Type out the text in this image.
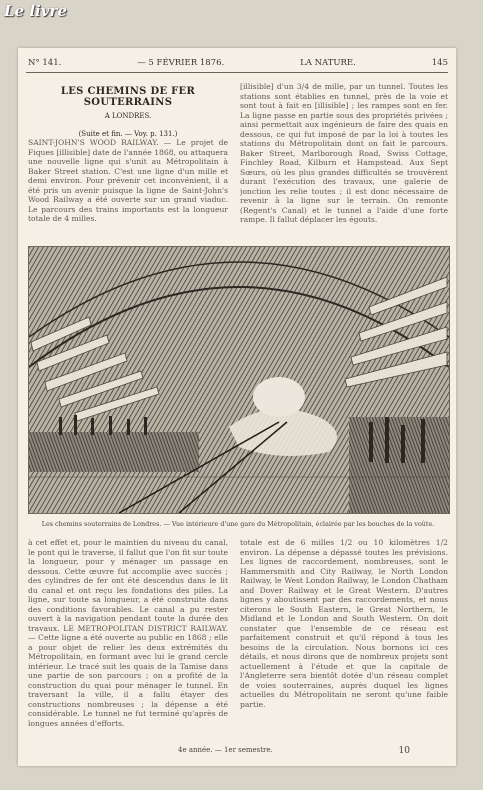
Le livre
N° 141.	— 5 FÉVRIER 1876.	LA NATURE.	145
LES CHEMINS DE FER SOUTERRAINS
A LONDRES.
(Suite et fin. — Voy. p. 131.)

SAINT-JOHN'S WOOD RAILWAY. — Le projet de Fiques [illisible] date de l'année 1868, ou attaquera une nouvelle ligne qui s'unit au Métropolitain à Baker Street station. C'est une ligne d'un mille et demi environ. Pour prévenir cet inconvénient, il a été pris un avenir puisque la ligne de Saint-John's Wood Railway a été ouverte sur un grand viaduc. Le parcours des trains importants est la longueur totale de 4 milles.

[illisible] d'un 3/4 de mille, par un tunnel. Toutes les stations sont établies en tunnel, près de la voie et sont tout à fait en [illisible] ; les rampes sont en fer. La ligne passe en partie sous des propriétés privées ; ainsi permettait aux ingénieurs de faire des quais en dessous, ce qui fut imposé de par la loi à toutes les stations du Métropolitain dont on fait le parcours. Baker Street, Marlborough Road, Swiss Cottage, Finchley Road, Kilburn et Hampstead. Aux Sept Sœurs, où les plus grandes difficultés se trouvèrent durant l'exécution des travaux, une galerie de jonction les relie toutes ; il est donc nécessaire de revenir à la ligne sur le terrain. On remonte (Regent's Canal) et le tunnel a l'aide d'une forte rampe. Il fallut déplacer les égouts.

Les chemins souterrains de Londres. — Vue intérieure d'une gare du Métropolitain, éclairée par les bouches de la voûte.

à cet effet et, pour le maintien du niveau du canal, le pont qui le traverse, il fallut que l'on fit sur toute la longueur, pour y ménager un passage en dessous. Cette œuvre fut accomplie avec succès ; des cylindres de fer ont été descendus dans le lit du canal et ont reçu les fondations des piles. La ligne, sur toute sa longueur, a été construite dans des conditions favorables. Le canal a pu rester ouvert à la navigation pendant toute la durée des travaux. LE METROPOLITAN DISTRICT RAILWAY. — Cette ligne a été ouverte au public en 1868 ; elle a pour objet de relier les deux extrémités du Métropolitain, en formant avec lui le grand cercle intérieur. Le tracé suit les quais de la Tamise dans une partie de son parcours ; on a profité de la construction du quai pour ménager le tunnel. En traversant la ville, il a fallu étayer des constructions nombreuses ; la dépense a été considérable. Le tunnel ne fut terminé qu'après de longues années d'efforts.

totale est de 6 milles 1/2 ou 10 kilomètres 1/2 environ. La dépense a dépassé toutes les prévisions. Les lignes de raccordement, nombreuses, sont le Hammersmith and City Railway, le North London Railway, le West London Railway, le London Chatham and Dover Railway et le Great Western. D'autres lignes y aboutissent par des raccordements, et nous citerons le South Eastern, le Great Northern, le Midland et le London and South Western. On doit constater que l'ensemble de ce réseau est parfaitement construit et qu'il répond à tous les besoins de la circulation. Nous bornons ici ces détails, et nous dirons que de nombreux projets sont actuellement à l'étude et que la capitale de l'Angleterre sera bientôt dotée d'un réseau complet de voies souterraines, auprès duquel les lignes actuelles du Métropolitain ne seront qu'une faible partie.

4e année. — 1er semestre.	10
